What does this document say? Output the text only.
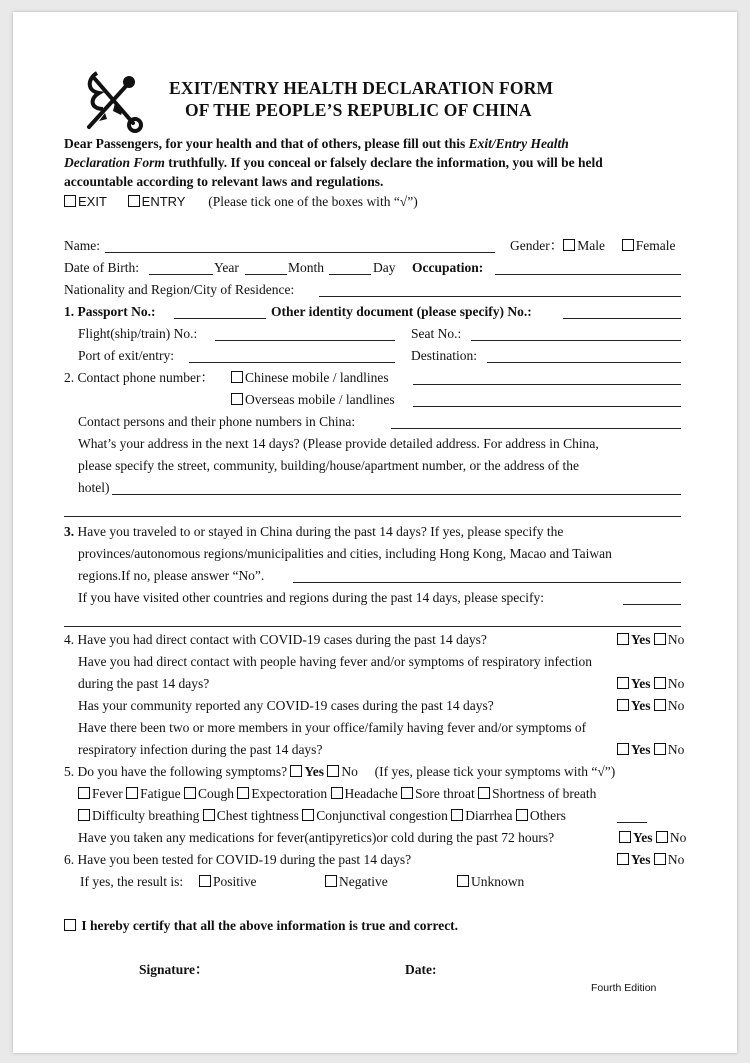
EXIT/ENTRY HEALTH DECLARATION FORM
OF THE PEOPLE’S REPUBLIC OF CHINA
Dear Passengers, for your health and that of others, please fill out this Exit/Entry Health
Declaration Form truthfully. If you conceal or falsely declare the information, you will be held
accountable according to relevant laws and regulations.
EXIT	ENTRY (Please tick one of the boxes with “√”)
Name:	Gender： Male Female
Date of Birth:	Year	Month	Day Occupation:
Nationality and Region/City of Residence:
1. Passport No.:	Other identity document (please specify) No.:
Flight(ship/train) No.:	Seat No.:
Port of exit/entry:	Destination:
2. Contact phone number：	Chinese mobile / landlines
Overseas mobile / landlines
Contact persons and their phone numbers in China:
What’s your address in the next 14 days? (Please provide detailed address. For address in China,
please specify the street, community, building/house/apartment number, or the address of the
hotel)
3. Have you traveled to or stayed in China during the past 14 days? If yes, please specify the
provinces/autonomous regions/municipalities and cities, including Hong Kong, Macao and Taiwan
regions.If no, please answer “No”.
If you have visited other countries and regions during the past 14 days, please specify:
4. Have you had direct contact with COVID-19 cases during the past 14 days?	Yes No
Have you had direct contact with people having fever and/or symptoms of respiratory infection
during the past 14 days?	Yes No
Has your community reported any COVID-19 cases during the past 14 days?	Yes No
Have there been two or more members in your office/family having fever and/or symptoms of
respiratory infection during the past 14 days?	Yes No
5. Do you have the following symptoms? Yes No (If yes, please tick your symptoms with “√”)
Fever Fatigue Cough Expectoration Headache Sore throat Shortness of breath
Difficulty breathing Chest tightness Conjunctival congestion Diarrhea Others
Have you taken any medications for fever(antipyretics)or cold during the past 72 hours?	Yes No
6. Have you been tested for COVID-19 during the past 14 days?	Yes No
If yes, the result is:	Positive	Negative	Unknown
I hereby certify that all the above information is true and correct.
Signature：	Date:
Fourth Edition
